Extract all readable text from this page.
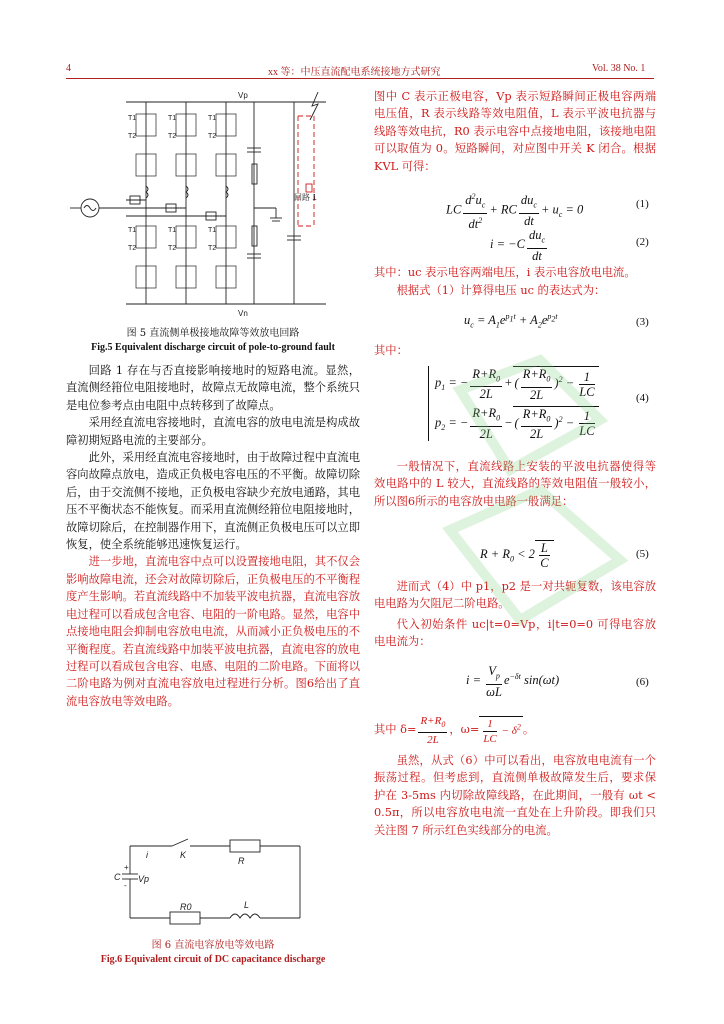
4	xx 等：中压直流配电系统接地方式研究	Vol. 38 No. 1
T1
T2
T1
T2
T1
T2
T1
T2
T1
T2
T1
T2
Vp
Vn
回路 1
图 5 直流侧单极接地故障等效放电回路
Fig.5 Equivalent discharge circuit of pole-to-ground fault

回路 1 存在与否直接影响接地时的短路电流。显然，直流侧经箝位电阻接地时，故障点无故障电流，整个系统只是电位参考点由电阻中点转移到了故障点。

采用经直流电容接地时，直流电容的放电电流是构成故障初期短路电流的主要部分。

此外，采用经直流电容接地时，由于故障过程中直流电容向故障点放电，造成正负极电容电压的不平衡。故障切除后，由于交流侧不接地，正负极电容缺少充放电通路，其电压不平衡状态不能恢复。而采用直流侧经箝位电阻接地时，故障切除后，在控制器作用下，直流侧正负极电压可以立即恢复，使全系统能够迅速恢复运行。

进一步地，直流电容中点可以设置接地电阻，其不仅会影响故障电流，还会对故障切除后，正负极电压的不平衡程度产生影响。若直流线路中不加装平波电抗器，直流电容放电过程可以看成包含电容、电阻的一阶电路。显然，电容中点接地电阻会抑制电容放电电流，从而减小正负极电压的不平衡程度。若直流线路中加装平波电抗器，直流电容的放电过程可以看成包含电容、电感、电阻的二阶电路。下面将以二阶电路为例对直流电容放电过程进行分析。图6给出了直流电容放电等效电路。

i	K
R
C Vp
R0	L
+
-
图 6 直流电容放电等效电路
Fig.6 Equivalent circuit of DC capacitance discharge
图中 C 表示正极电容，Vp 表示短路瞬间正极电容两端电压值，R 表示线路等效电阻值，L 表示平波电抗器与线路等效电抗，R0 表示电容中点接地电阻，该接地电阻可以取值为 0。短路瞬间，对应图中开关 K 闭合。根据 KVL 可得：
LC $\frac{d^2u_c}{dt^2}$ + RC $\frac{du_c}{dt} + u_c = 0$	(1)
$i = -C \frac{du_c}{dt}$	(2)
其中：uc 表示电容两端电压，i 表示电容放电电流。
根据式（1）计算得电压 uc 的表达式为：
$u_c = A_1e^{p_1t} + A_2e^{p_2t}$	(3)
其中：
$p_1$ = − $\frac{R+R_0}{2L}$ + ( $\frac{R+R_0}{2L} )^2 - \frac{1}{LC}$
$p_2$ = − $\frac{R+R_0}{2L}$ − ( $\frac{R+R_0}{2L} )^2 - \frac{1}{LC}$
(4)
一般情况下，直流线路上安装的平波电抗器使得等效电路中的 L 较大，直流线路的等效电阻值一般较小，所以图6所示的电容放电电路一般满足：
$R + R_0 < 2 \frac{L}{C}$	(5)
进而式（4）中 p1，p2 是一对共轭复数，该电容放电电路为欠阻尼二阶电路。
代入初始条件 uc|t=0=Vp，i|t=0=0 可得电容放电电流为：
$i = \frac{V_p}{\omega L} e^{-\delta t}$ sin(ωt)	(6)
其中 $\delta= \frac{R+R_0}{2L}$ ，$\omega= \frac{1}{LC} - \delta^2$ 。
虽然，从式（6）中可以看出，电容放电电流有一个振荡过程。但考虑到，直流侧单极故障发生后，要求保护在 3-5ms 内切除故障线路，在此期间，一般有 ωt < 0.5π，所以电容放电电流一直处在上升阶段。即我们只关注图 7 所示红色实线部分的电流。
